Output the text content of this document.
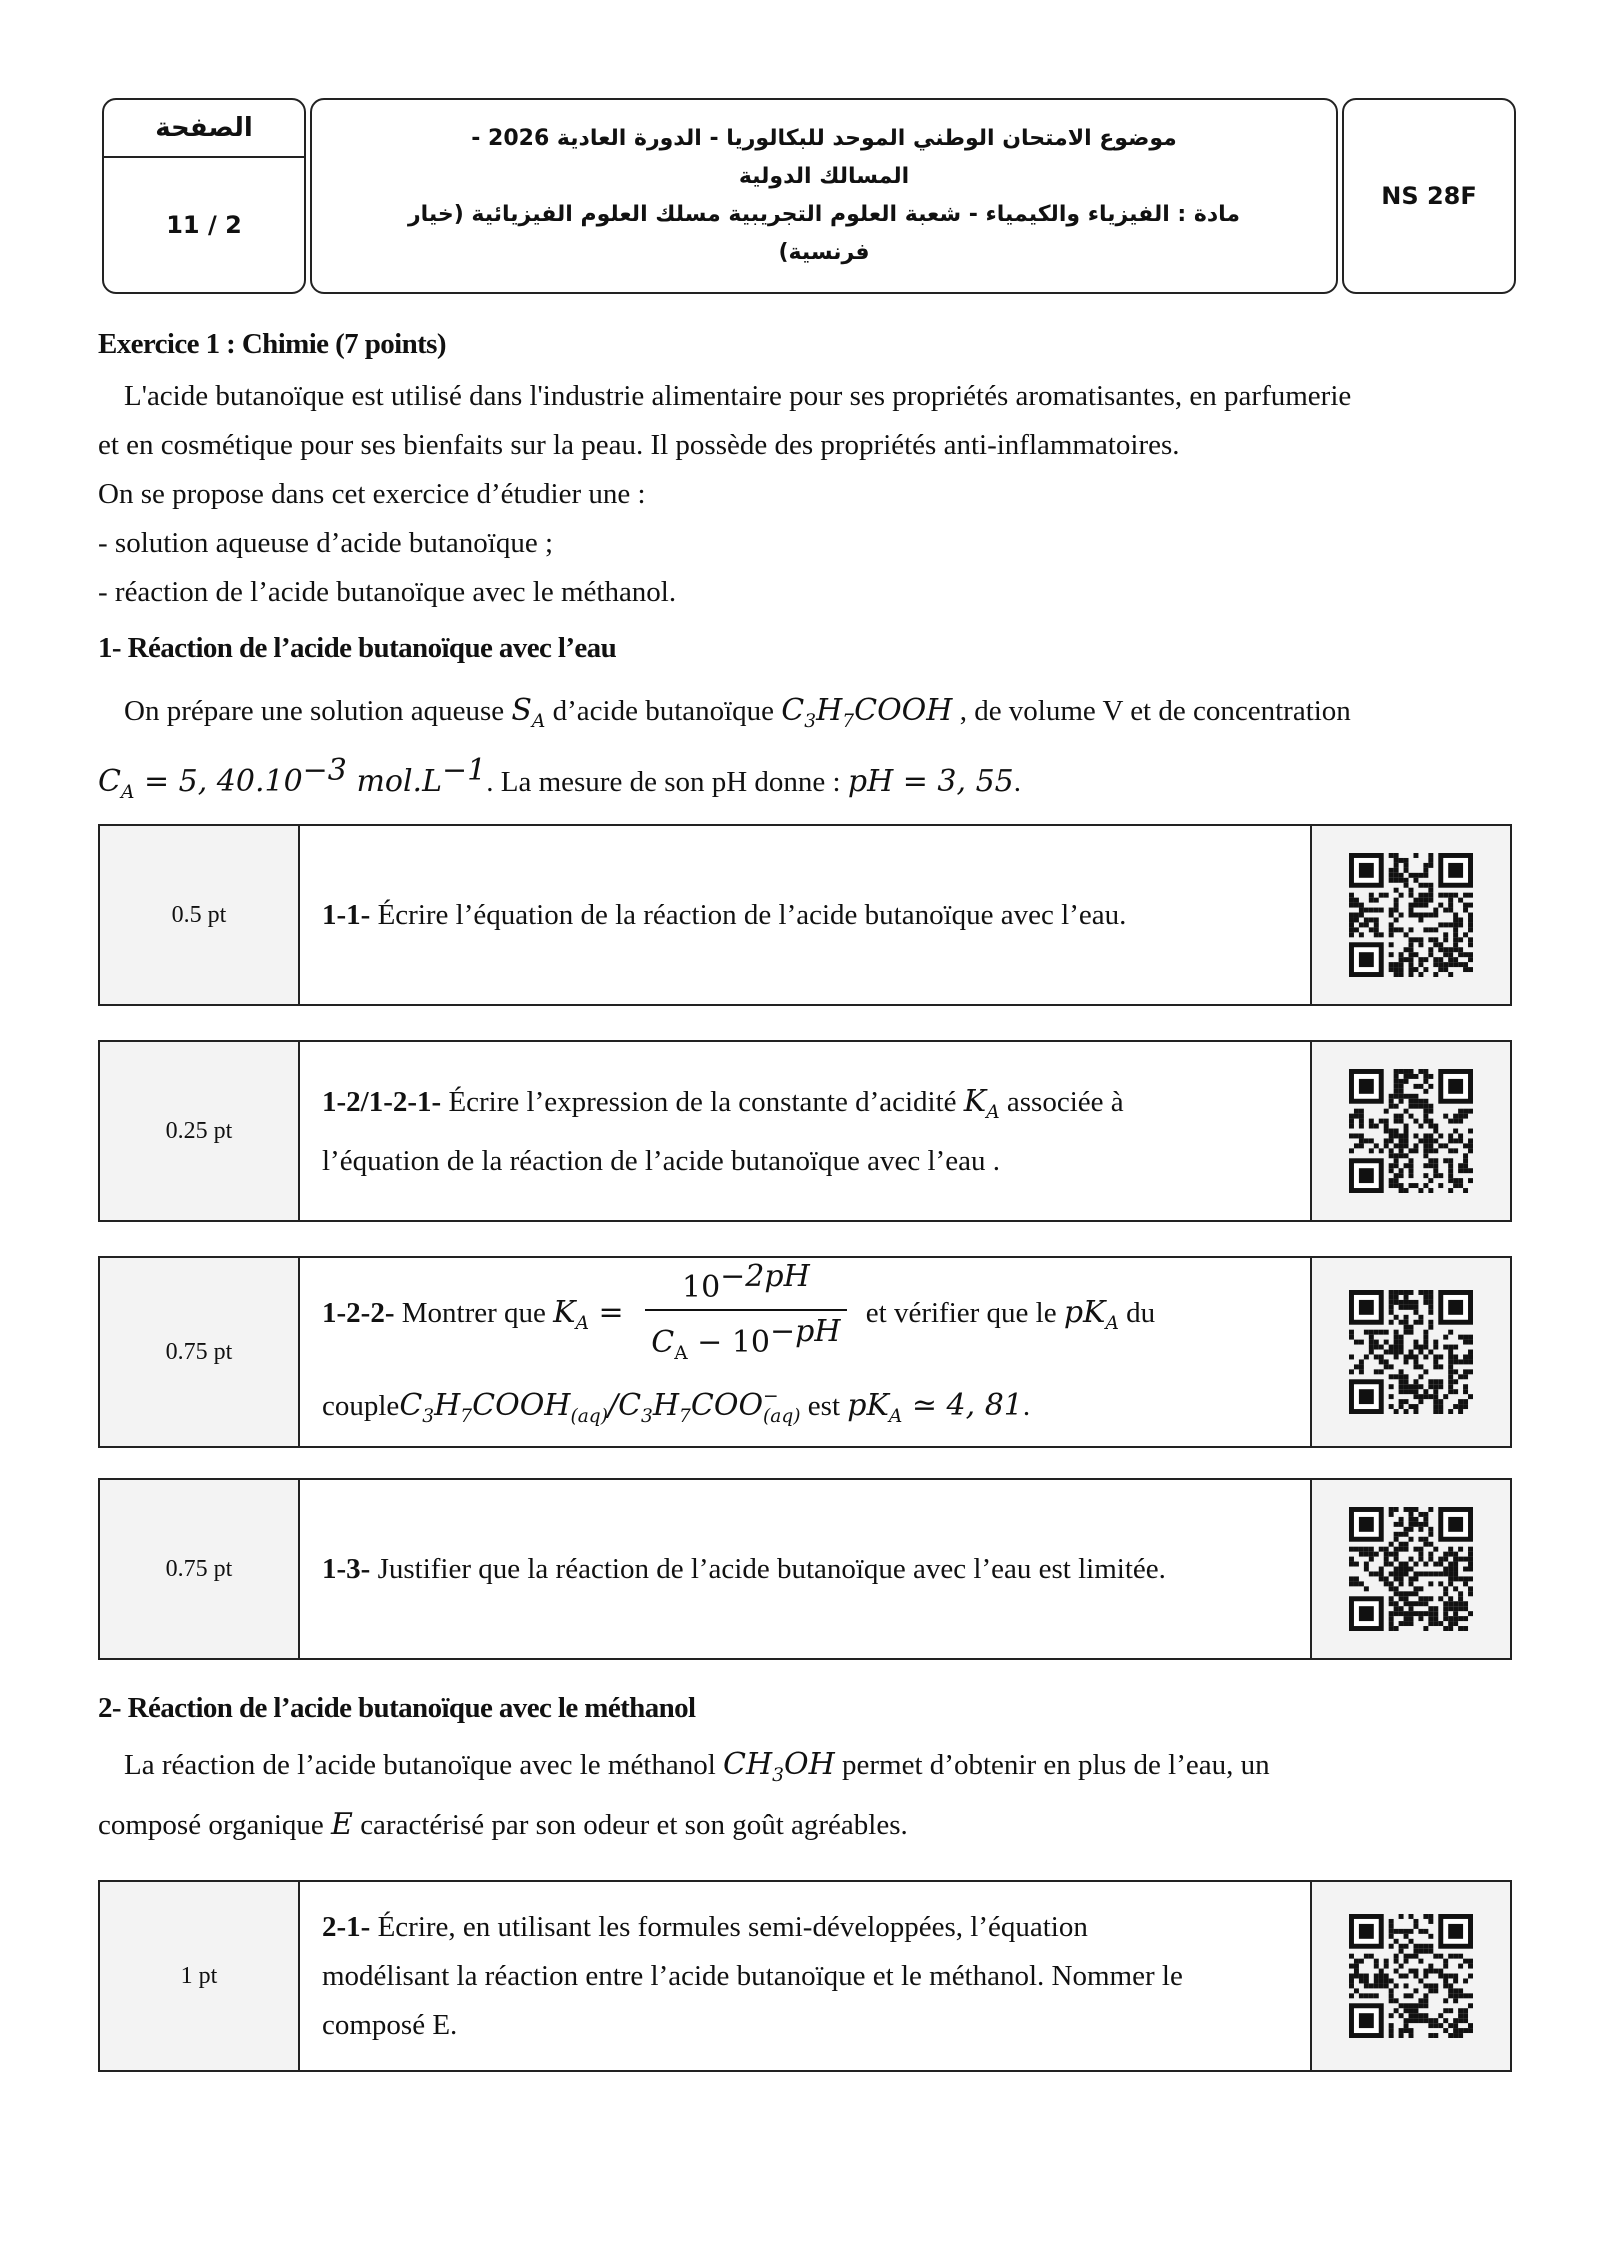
الصفحة
11 / 2
موضوع الامتحان الوطني الموحد للبكالوريا - الدورة العادية 2026 -
المسالك الدولية
مادة : الفيزياء والكيمياء - شعبة العلوم التجريبية مسلك العلوم الفيزيائية (خيار
فرنسية)
NS 28F
Exercice 1 : Chimie (7 points)
L'acide butanoïque est utilisé dans l'industrie alimentaire pour ses propriétés aromatisantes, en parfumerie
et en cosmétique pour ses bienfaits sur la peau. Il possède des propriétés anti-inflammatoires.
On se propose dans cet exercice d’étudier une :
- solution aqueuse d’acide butanoïque ;
- réaction de l’acide butanoïque avec le méthanol.
1- Réaction de l’acide butanoïque avec l’eau
On prépare une solution aqueuse $S_A$ d’acide butanoïque $C_3H_7COOH$ , de volume V et de concentration
$C_A = 5$, $40.10^{-3}$ $mol.L^{-1}$. La mesure de son pH donne : pH = 3, 55.
0.5 pt	1-1- Écrire l’équation de la réaction de l’acide butanoïque avec l’eau.
0.25 pt
1-2/1-2-1- Écrire l’expression de la constante d’acidité $K_A$ associée à
l’équation de la réaction de l’acide butanoïque avec l’eau .
0.75 pt
1-2-2- Montrer que $K_A = \frac{10^{-2pH}}{C_A - 10^{-pH}}$ et vérifier que le $pK_A$ du
$coupleC_3H_7COOH_{(aq)}/C_3H_7COO$ −
(aq) est $pK_A$ ≃ 4, 81.
0.75 pt	1-3- Justifier que la réaction de l’acide butanoïque avec l’eau est limitée.
2- Réaction de l’acide butanoïque avec le méthanol
La réaction de l’acide butanoïque avec le méthanol $CH_3OH$ permet d’obtenir en plus de l’eau, un
composé organique E caractérisé par son odeur et son goût agréables.
1 pt
2-1- Écrire, en utilisant les formules semi-développées, l’équation
modélisant la réaction entre l’acide butanoïque et le méthanol. Nommer le
composé E.
